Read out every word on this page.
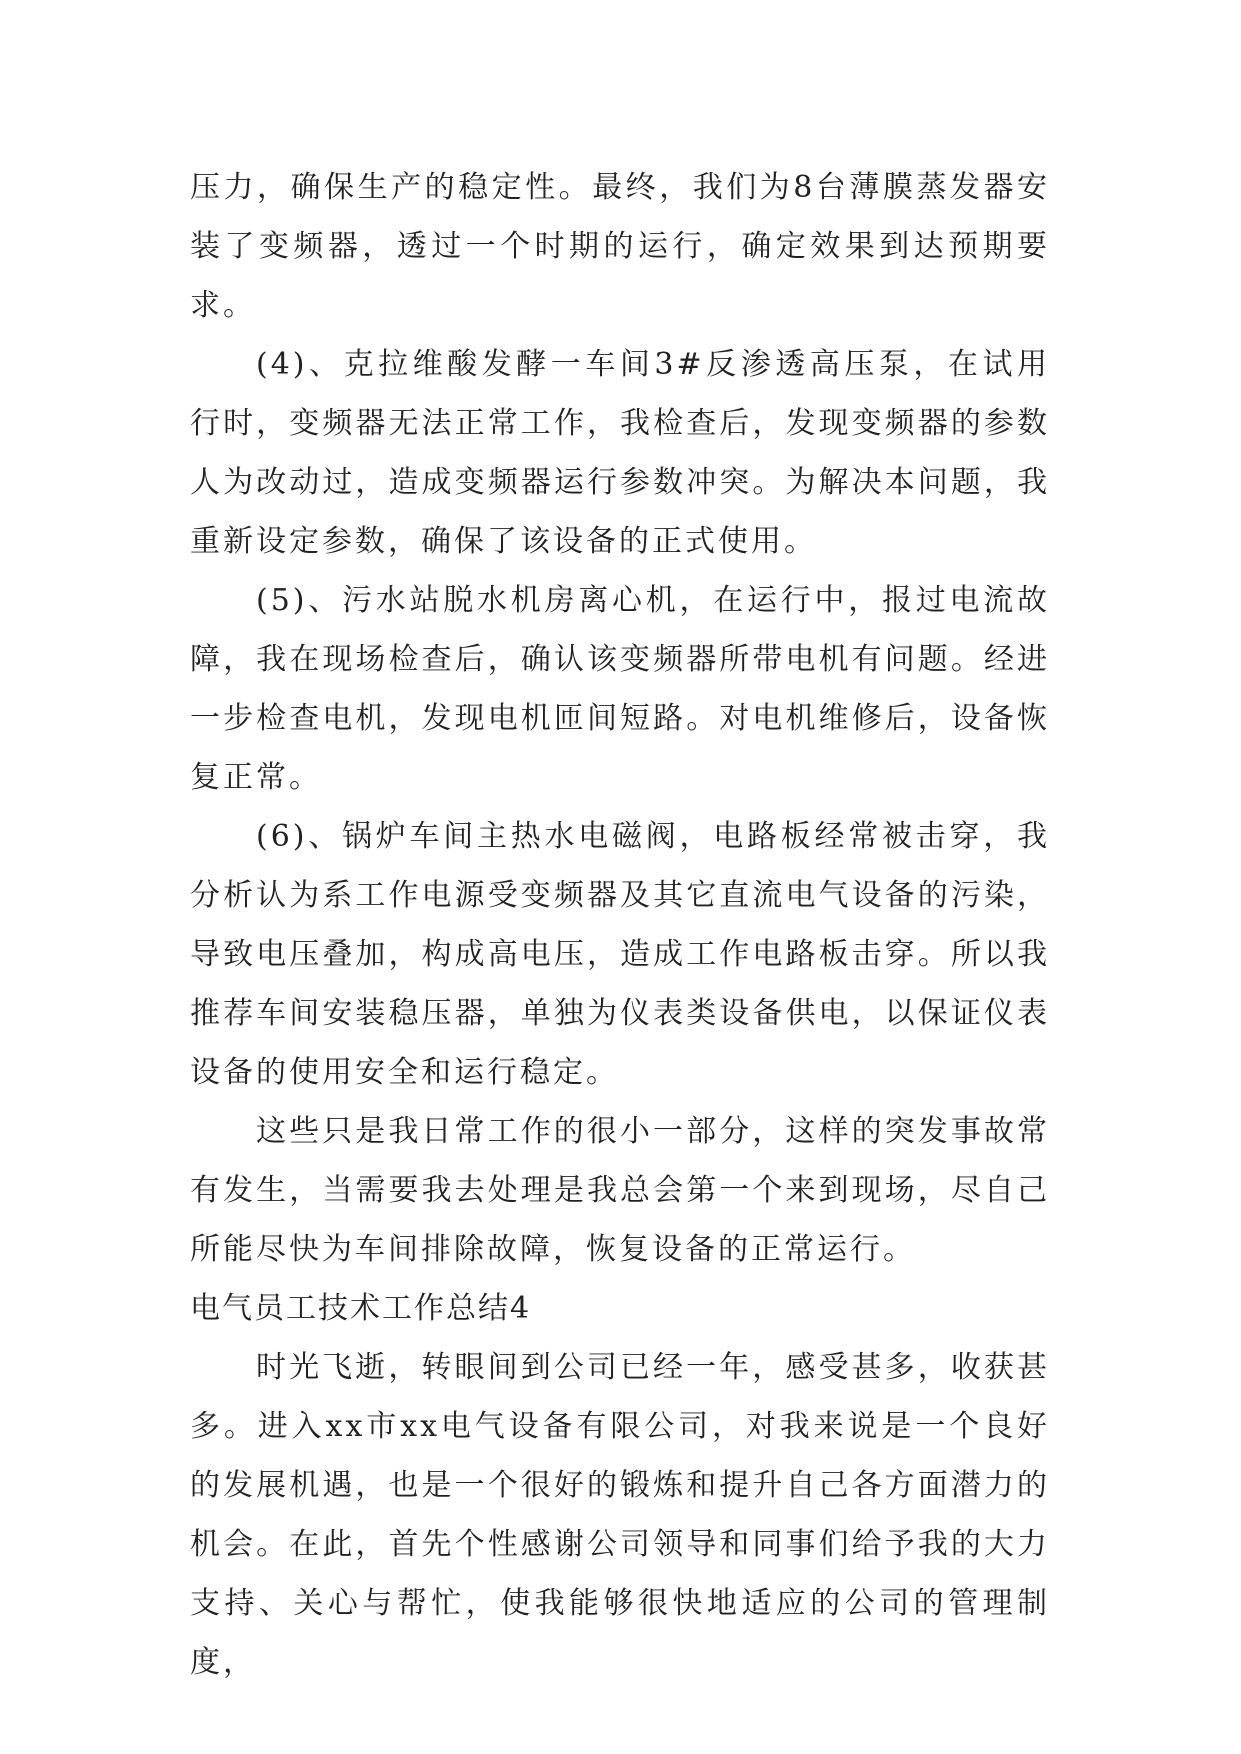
压力，确保生产的稳定性。最终，我们为8台薄膜蒸发器安装了变频器，透过一个时期的运行，确定效果到达预期要求。

(4)、克拉维酸发酵一车间3#反渗透高压泵，在试用行时，变频器无法正常工作，我检查后，发现变频器的参数人为改动过，造成变频器运行参数冲突。为解决本问题，我重新设定参数，确保了该设备的正式使用。

(5)、污水站脱水机房离心机，在运行中，报过电流故障，我在现场检查后，确认该变频器所带电机有问题。经进一步检查电机，发现电机匝间短路。对电机维修后，设备恢复正常。

(6)、锅炉车间主热水电磁阀，电路板经常被击穿，我分析认为系工作电源受变频器及其它直流电气设备的污染，导致电压叠加，构成高电压，造成工作电路板击穿。所以我推荐车间安装稳压器，单独为仪表类设备供电，以保证仪表设备的使用安全和运行稳定。

这些只是我日常工作的很小一部分，这样的突发事故常有发生，当需要我去处理是我总会第一个来到现场，尽自己所能尽快为车间排除故障，恢复设备的正常运行。

电气员工技术工作总结4

时光飞逝，转眼间到公司已经一年，感受甚多，收获甚多。进入xx市xx电气设备有限公司，对我来说是一个良好的发展机遇，也是一个很好的锻炼和提升自己各方面潜力的机会。在此，首先个性感谢公司领导和同事们给予我的大力支持、关心与帮忙，使我能够很快地适应的公司的管理制度，
